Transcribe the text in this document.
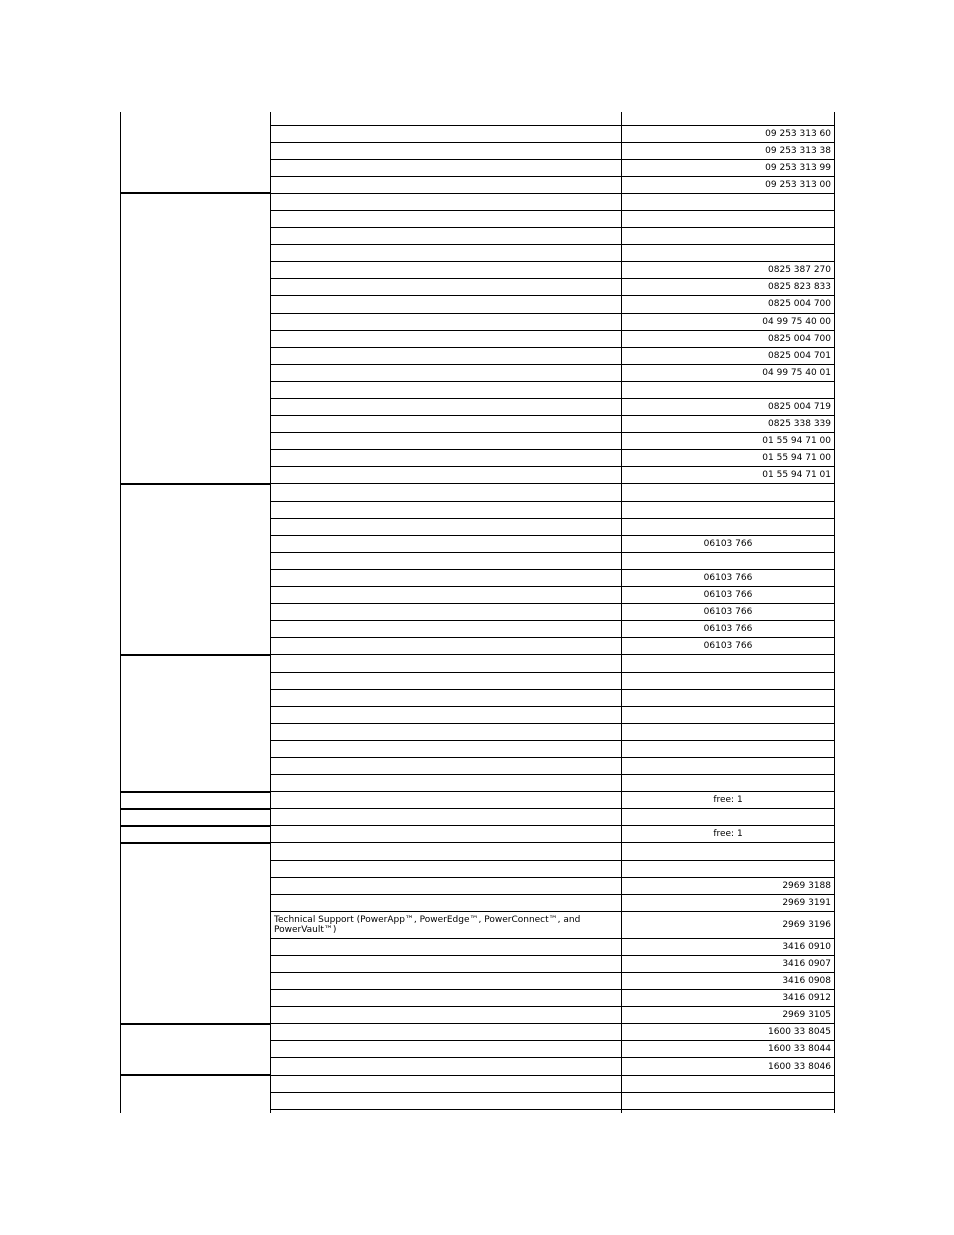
		09 253 313 60
		09 253 313 38
		09 253 313 99
		09 253 313 00

		0825 387 270
		0825 823 833
		0825 004 700
		04 99 75 40 00
		0825 004 700
		0825 004 701
		04 99 75 40 01

		0825 004 719
		0825 338 339
		01 55 94 71 00
		01 55 94 71 00
		01 55 94 71 01

		06103 766

		06103 766
		06103 766
		06103 766
		06103 766
		06103 766

		free: 1

		free: 1

		2969 3188
		2969 3191
	Technical Support (PowerApp™, PowerEdge™, PowerConnect™, and PowerVault™)	2969 3196
		3416 0910
		3416 0907
		3416 0908
		3416 0912
		2969 3105
		1600 33 8045
		1600 33 8044
		1600 33 8046
